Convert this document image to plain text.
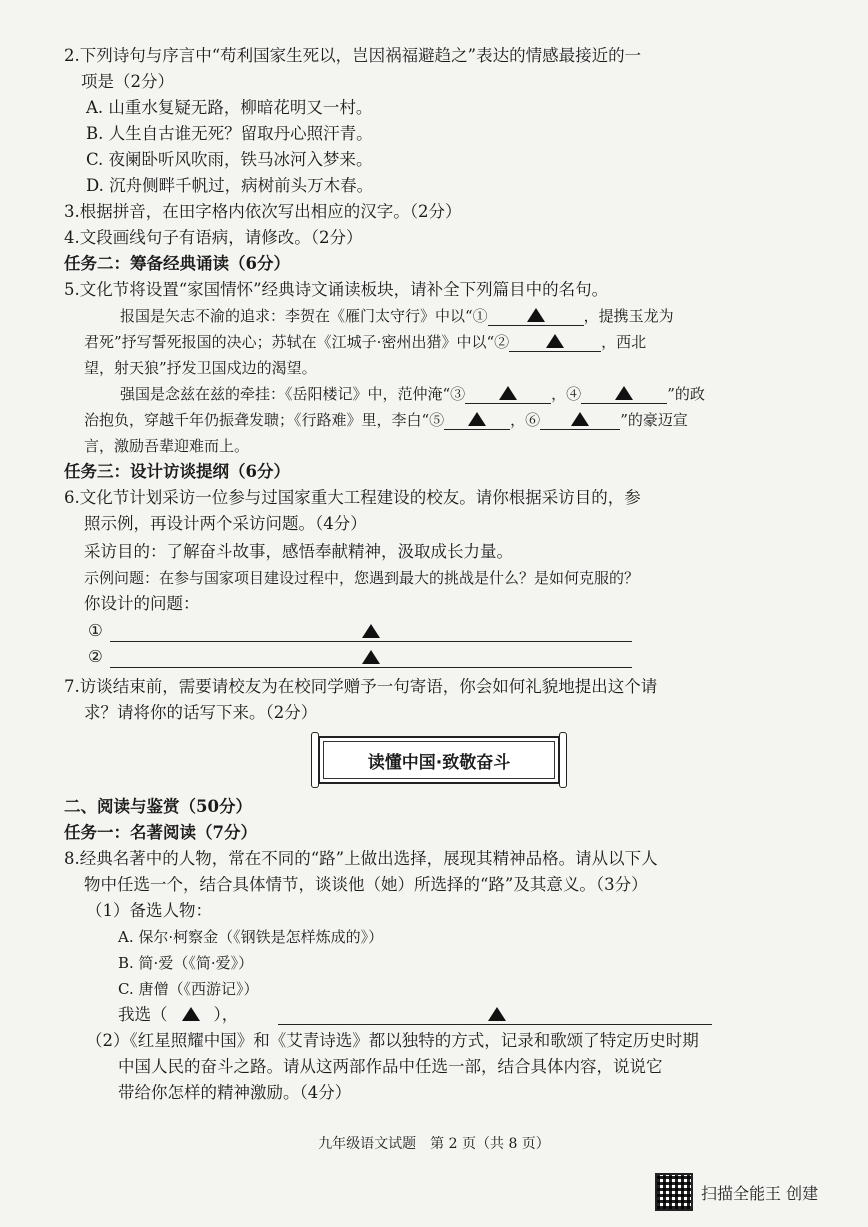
2.下列诗句与序言中“苟利国家生死以，岂因祸福避趋之”表达的情感最接近的一
项是（2分）
A. 山重水复疑无路，柳暗花明又一村。
B. 人生自古谁无死？留取丹心照汗青。
C. 夜阑卧听风吹雨，铁马冰河入梦来。
D. 沉舟侧畔千帆过，病树前头万木春。
3.根据拼音，在田字格内依次写出相应的汉字。（2分）
4.文段画线句子有语病，请修改。（2分）
任务二：筹备经典诵读（6分）
5.文化节将设置“家国情怀”经典诗文诵读板块，请补全下列篇目中的名句。
报国是矢志不渝的追求：李贺在《雁门太守行》中以“①	，提携玉龙为
君死”抒写誓死报国的决心；苏轼在《江城子·密州出猎》中以“②	，西北
望，射天狼”抒发卫国戍边的渴望。
强国是念兹在兹的牵挂：《岳阳楼记》中，范仲淹“③	，④	”的政
治抱负，穿越千年仍振聋发聩；《行路难》里，李白“⑤	，⑥	”的豪迈宣
言，激励吾辈迎难而上。
任务三：设计访谈提纲（6分）
6.文化节计划采访一位参与过国家重大工程建设的校友。请你根据采访目的，参
照示例，再设计两个采访问题。（4分）
采访目的：了解奋斗故事，感悟奉献精神，汲取成长力量。
示例问题：在参与国家项目建设过程中，您遇到最大的挑战是什么？是如何克服的？
你设计的问题：
①
②
7.访谈结束前，需要请校友为在校同学赠予一句寄语，你会如何礼貌地提出这个请
求？请将你的话写下来。（2分）
读懂中国·致敬奋斗
二、阅读与鉴赏（50分）
任务一：名著阅读（7分）
8.经典名著中的人物，常在不同的“路”上做出选择，展现其精神品格。请从以下人
物中任选一个，结合具体情节，谈谈他（她）所选择的“路”及其意义。（3分）
（1）备选人物：
A. 保尔·柯察金（《钢铁是怎样炼成的》）
B. 简·爱（《简·爱》）
C. 唐僧（《西游记》）
我选（	），
（2）《红星照耀中国》和《艾青诗选》都以独特的方式，记录和歌颂了特定历史时期
中国人民的奋斗之路。请从这两部作品中任选一部，结合具体内容，说说它
带给你怎样的精神激励。（4分）
九年级语文试题　第 2 页（共 8 页）
扫描全能王 创建
